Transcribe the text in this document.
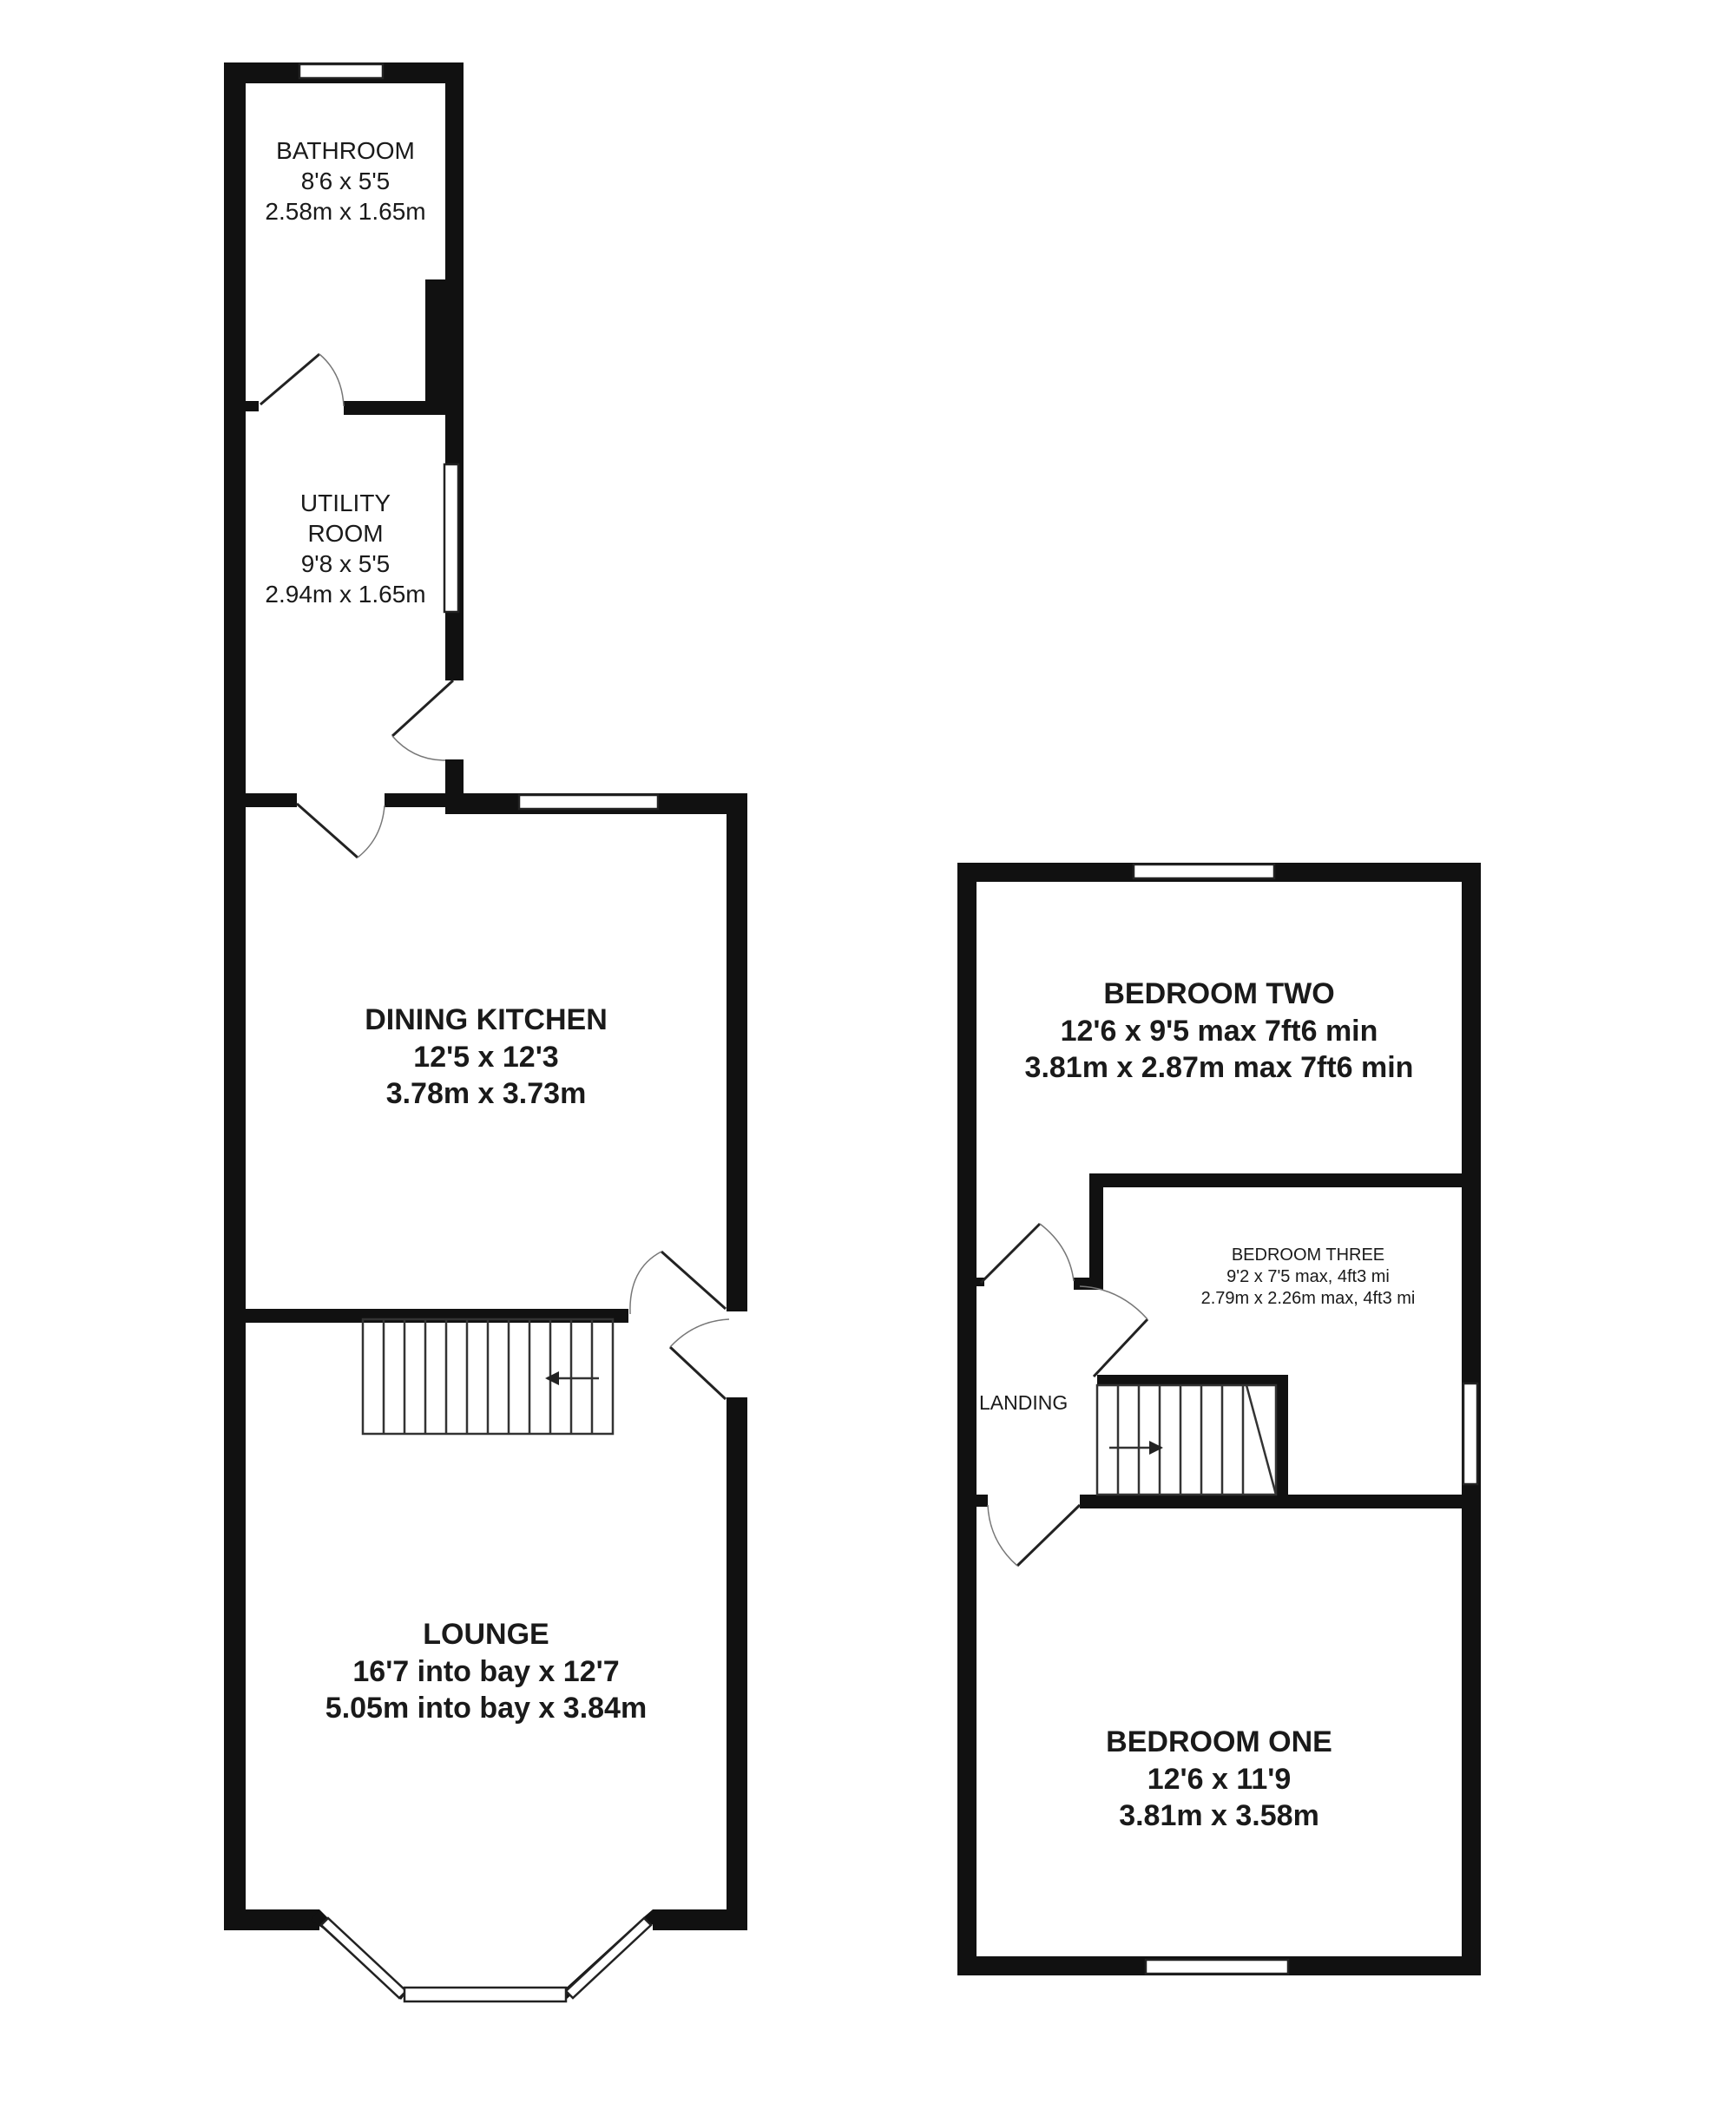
BATHROOM
8'6 x 5'5
2.58m x 1.65m
UTILITY
ROOM
9'8 x 5'5
2.94m x 1.65m
DINING KITCHEN
12'5 x 12'3
3.78m x 3.73m
LOUNGE
16'7 into bay x 12'7
5.05m into bay x 3.84m
BEDROOM TWO
12'6 x 9'5 max 7ft6 min
3.81m x 2.87m max 7ft6 min
BEDROOM THREE
9'2 x 7'5 max, 4ft3 mi
2.79m x 2.26m max, 4ft3 mi
LANDING
BEDROOM ONE
12'6 x 11'9
3.81m x 3.58m
